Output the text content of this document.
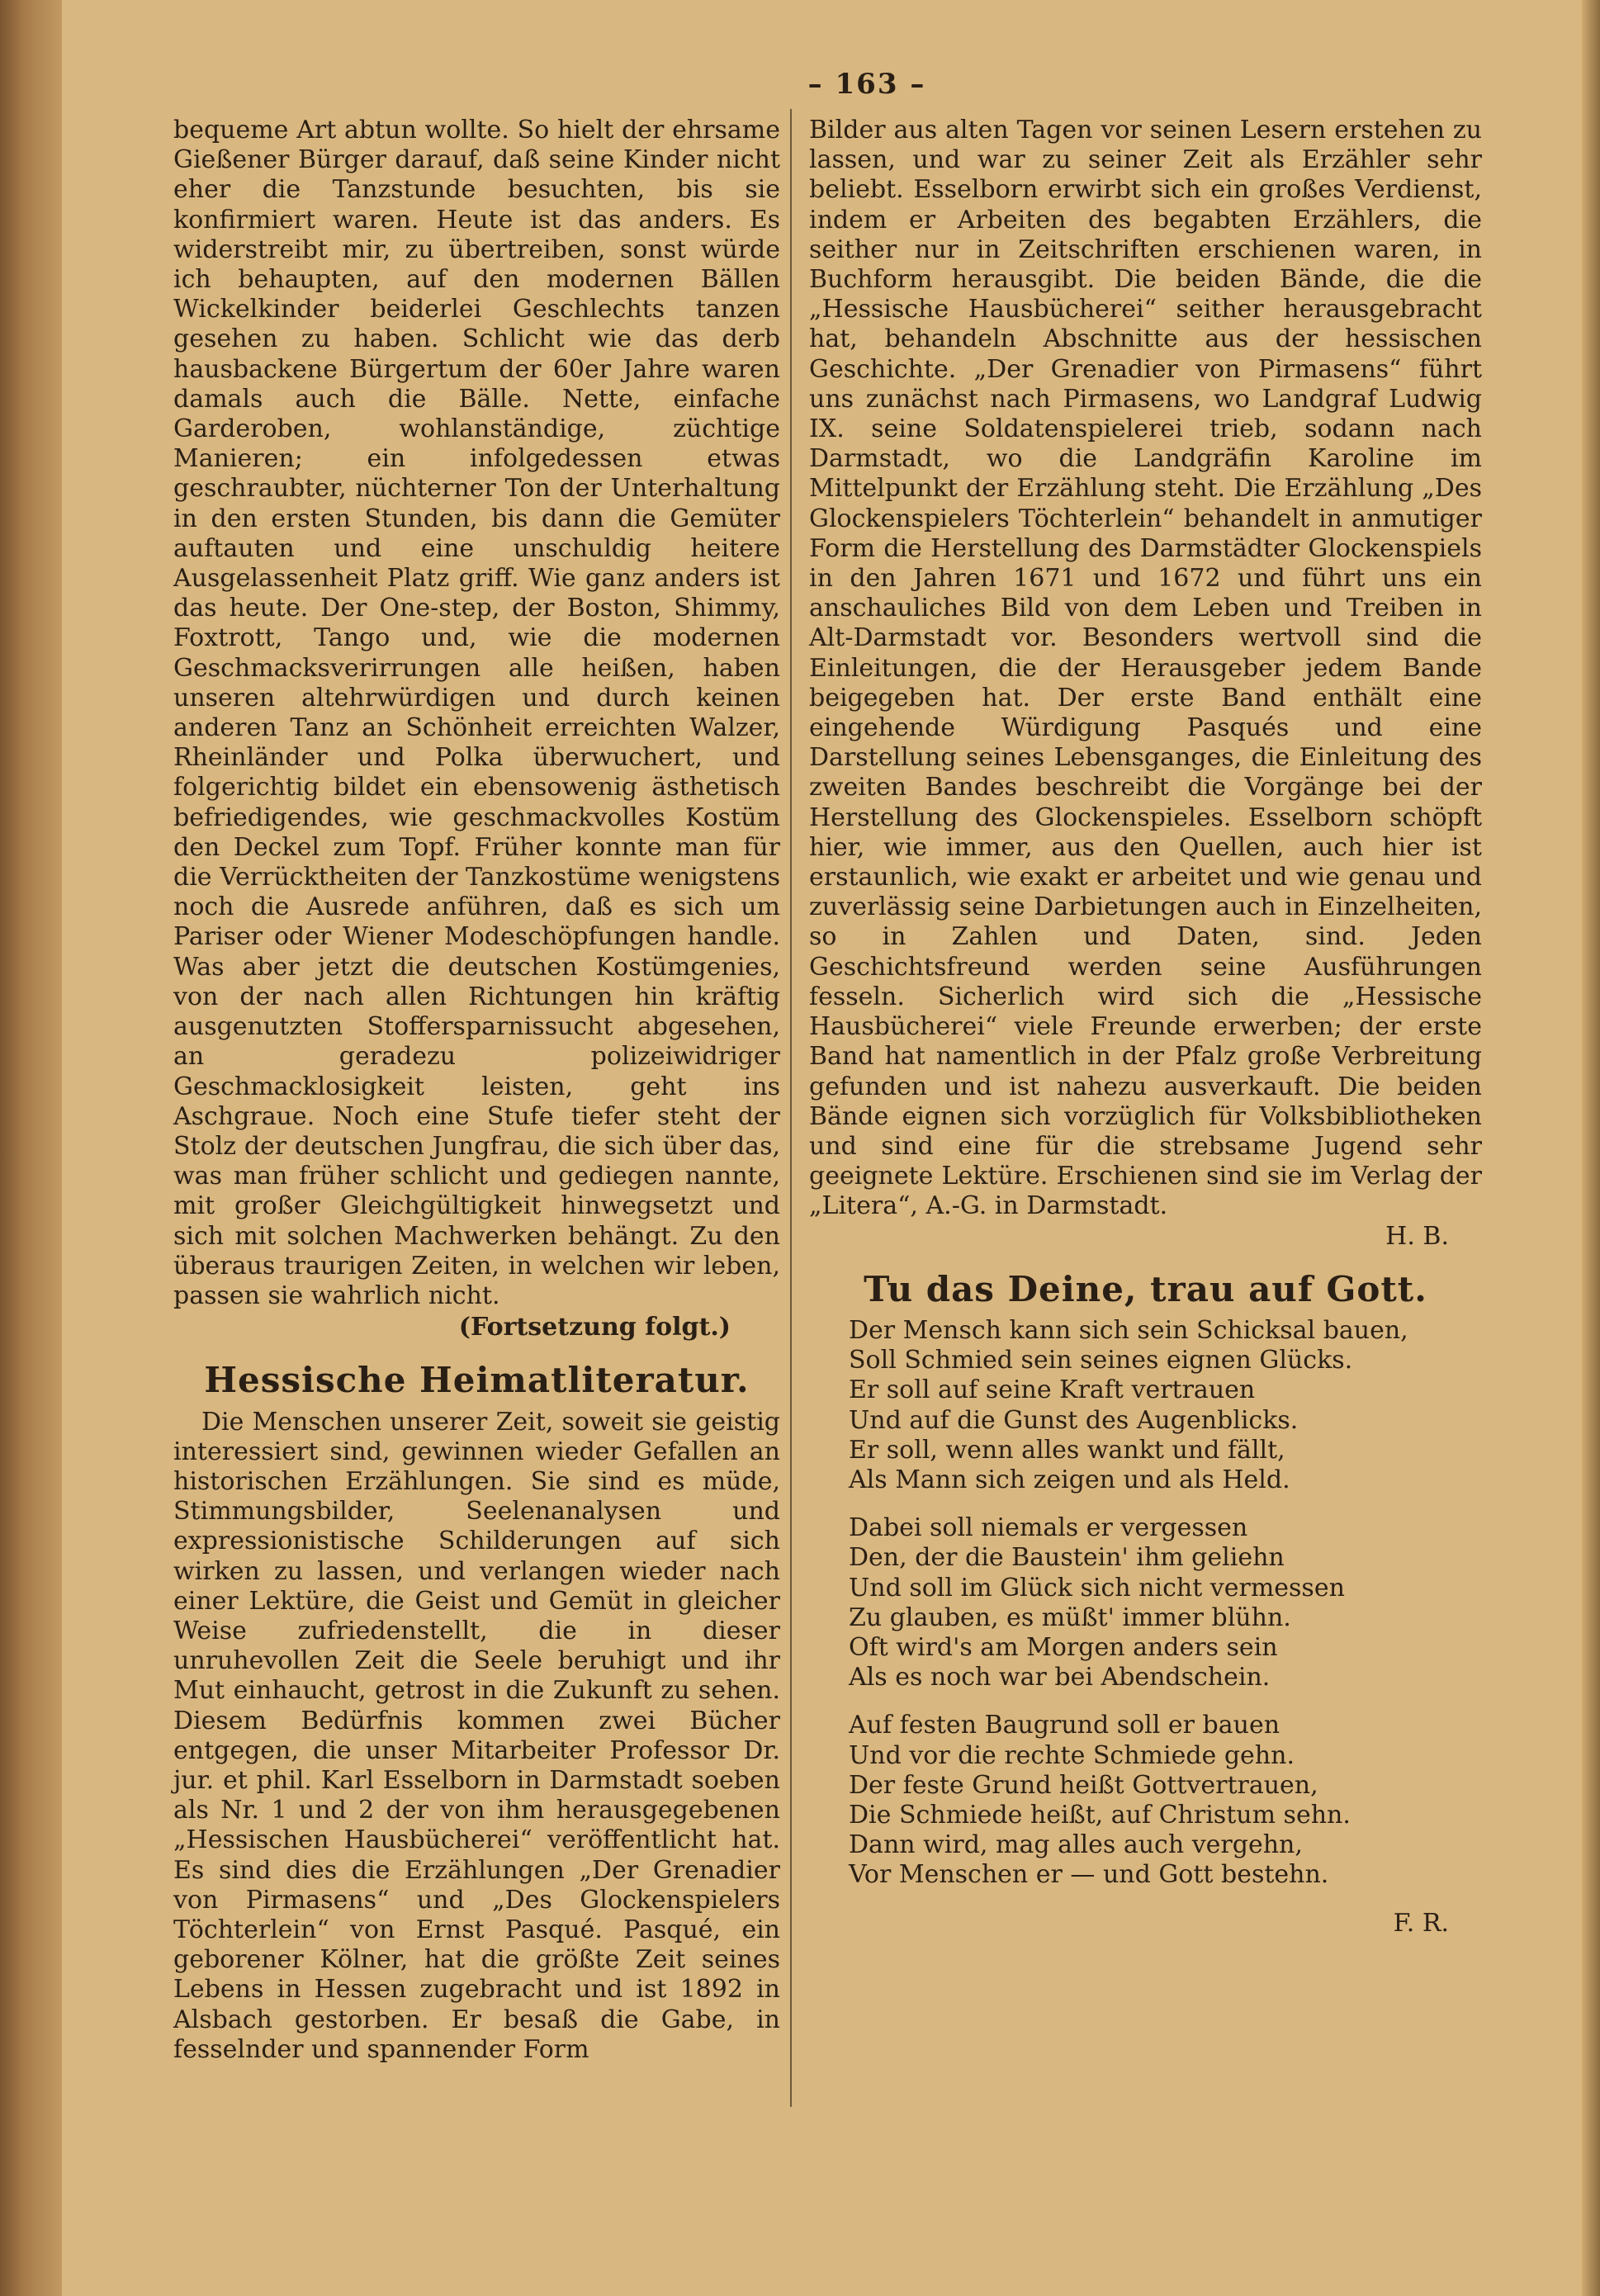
– 163 –

bequeme Art abtun wollte. So hielt der ehrsame Gießener Bürger darauf, daß seine Kinder nicht eher die Tanzstunde besuchten, bis sie konfirmiert waren. Heute ist das anders. Es widerstreibt mir, zu übertreiben, sonst würde ich behaupten, auf den modernen Bällen Wickelkinder beiderlei Geschlechts tanzen gesehen zu haben. Schlicht wie das derb hausbackene Bürgertum der 60er Jahre waren damals auch die Bälle. Nette, einfache Garderoben, wohlanständige, züchtige Manieren; ein infolgedessen etwas geschraubter, nüchterner Ton der Unterhaltung in den ersten Stunden, bis dann die Gemüter auftauten und eine unschuldig heitere Ausgelassenheit Platz griff. Wie ganz anders ist das heute. Der One-step, der Boston, Shimmy, Foxtrott, Tango und, wie die modernen Geschmacksverirrungen alle heißen, haben unseren altehrwürdigen und durch keinen anderen Tanz an Schönheit erreichten Walzer, Rheinländer und Polka überwuchert, und folgerichtig bildet ein ebensowenig ästhetisch befriedigendes, wie geschmackvolles Kostüm den Deckel zum Topf. Früher konnte man für die Verrücktheiten der Tanzkostüme wenigstens noch die Ausrede anführen, daß es sich um Pariser oder Wiener Modeschöpfungen handle. Was aber jetzt die deutschen Kostümgenies, von der nach allen Richtungen hin kräftig ausgenutzten Stoffersparnissucht abgesehen, an geradezu polizeiwidriger Geschmacklosigkeit leisten, geht ins Aschgraue. Noch eine Stufe tiefer steht der Stolz der deutschen Jungfrau, die sich über das, was man früher schlicht und gediegen nannte, mit großer Gleichgültigkeit hinwegsetzt und sich mit solchen Machwerken behängt. Zu den überaus traurigen Zeiten, in welchen wir leben, passen sie wahrlich nicht.

(Fortsetzung folgt.)
Hessische Heimatliteratur.

Die Menschen unserer Zeit, soweit sie geistig interessiert sind, gewinnen wieder Gefallen an historischen Erzählungen. Sie sind es müde, Stimmungsbilder, Seelenanalysen und expressionistische Schilderungen auf sich wirken zu lassen, und verlangen wieder nach einer Lektüre, die Geist und Gemüt in gleicher Weise zufriedenstellt, die in dieser unruhevollen Zeit die Seele beruhigt und ihr Mut einhaucht, getrost in die Zukunft zu sehen. Diesem Bedürfnis kommen zwei Bücher entgegen, die unser Mitarbeiter Professor Dr. jur. et phil. Karl Esselborn in Darmstadt soeben als Nr. 1 und 2 der von ihm herausgegebenen „Hessischen Hausbücherei“ veröffentlicht hat. Es sind dies die Erzählungen „Der Grenadier von Pirmasens“ und „Des Glockenspielers Töchterlein“ von Ernst Pasqué. Pasqué, ein geborener Kölner, hat die größte Zeit seines Lebens in Hessen zugebracht und ist 1892 in Alsbach gestorben. Er besaß die Gabe, in fesselnder und spannender Form

Bilder aus alten Tagen vor seinen Lesern erstehen zu lassen, und war zu seiner Zeit als Erzähler sehr beliebt. Esselborn erwirbt sich ein großes Verdienst, indem er Arbeiten des begabten Erzählers, die seither nur in Zeitschriften erschienen waren, in Buchform herausgibt. Die beiden Bände, die die „Hessische Hausbücherei“ seither herausgebracht hat, behandeln Abschnitte aus der hessischen Geschichte. „Der Grenadier von Pirmasens“ führt uns zunächst nach Pirmasens, wo Landgraf Ludwig IX. seine Soldatenspielerei trieb, sodann nach Darmstadt, wo die Landgräfin Karoline im Mittelpunkt der Erzählung steht. Die Erzählung „Des Glockenspielers Töchterlein“ behandelt in anmutiger Form die Herstellung des Darmstädter Glockenspiels in den Jahren 1671 und 1672 und führt uns ein anschauliches Bild von dem Leben und Treiben in Alt-Darmstadt vor. Besonders wertvoll sind die Einleitungen, die der Herausgeber jedem Bande beigegeben hat. Der erste Band enthält eine eingehende Würdigung Pasqués und eine Darstellung seines Lebensganges, die Einleitung des zweiten Bandes beschreibt die Vorgänge bei der Herstellung des Glockenspieles. Esselborn schöpft hier, wie immer, aus den Quellen, auch hier ist erstaunlich, wie exakt er arbeitet und wie genau und zuverlässig seine Darbietungen auch in Einzelheiten, so in Zahlen und Daten, sind. Jeden Geschichtsfreund werden seine Ausführungen fesseln. Sicherlich wird sich die „Hessische Hausbücherei“ viele Freunde erwerben; der erste Band hat namentlich in der Pfalz große Verbreitung gefunden und ist nahezu ausverkauft. Die beiden Bände eignen sich vorzüglich für Volksbibliotheken und sind eine für die strebsame Jugend sehr geeignete Lektüre. Erschienen sind sie im Verlag der „Litera“, A.-G. in Darmstadt.

H. B.
Tu das Deine, trau auf Gott.
Der Mensch kann sich sein Schicksal bauen,
Soll Schmied sein seines eignen Glücks.
Er soll auf seine Kraft vertrauen
Und auf die Gunst des Augenblicks.
Er soll, wenn alles wankt und fällt,
Als Mann sich zeigen und als Held.
Dabei soll niemals er vergessen
Den, der die Baustein' ihm geliehn
Und soll im Glück sich nicht vermessen
Zu glauben, es müßt' immer blühn.
Oft wird's am Morgen anders sein
Als es noch war bei Abendschein.
Auf festen Baugrund soll er bauen
Und vor die rechte Schmiede gehn.
Der feste Grund heißt Gottvertrauen,
Die Schmiede heißt, auf Christum sehn.
Dann wird, mag alles auch vergehn,
Vor Menschen er — und Gott bestehn.
F. R.
